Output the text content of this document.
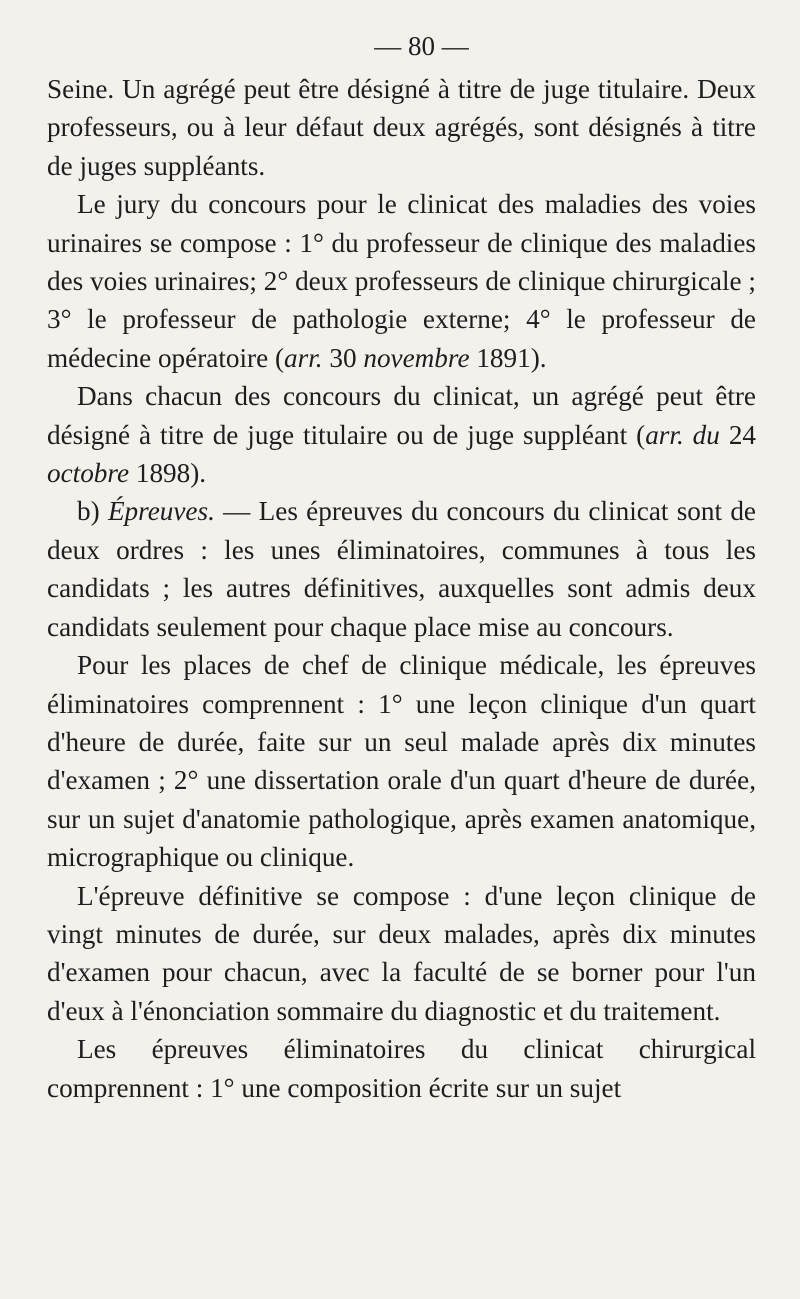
— 80 —

Seine. Un agrégé peut être désigné à titre de juge titulaire. Deux professeurs, ou à leur défaut deux agrégés, sont désignés à titre de juges suppléants.

Le jury du concours pour le clinicat des maladies des voies urinaires se compose : 1° du professeur de clinique des maladies des voies urinaires; 2° deux professeurs de clinique chirurgicale ; 3° le professeur de pathologie externe; 4° le professeur de médecine opératoire (arr. 30 novembre 1891).

Dans chacun des concours du clinicat, un agrégé peut être désigné à titre de juge titulaire ou de juge suppléant (arr. du 24 octobre 1898).

b) Épreuves. — Les épreuves du concours du clinicat sont de deux ordres : les unes éliminatoires, communes à tous les candidats ; les autres définitives, auxquelles sont admis deux candidats seulement pour chaque place mise au concours.

Pour les places de chef de clinique médicale, les épreuves éliminatoires comprennent : 1° une leçon clinique d'un quart d'heure de durée, faite sur un seul malade après dix minutes d'examen ; 2° une dissertation orale d'un quart d'heure de durée, sur un sujet d'anatomie pathologique, après examen anatomique, micrographique ou clinique.

L'épreuve définitive se compose : d'une leçon clinique de vingt minutes de durée, sur deux malades, après dix minutes d'examen pour chacun, avec la faculté de se borner pour l'un d'eux à l'énonciation sommaire du diagnostic et du traitement.

Les épreuves éliminatoires du clinicat chirurgical comprennent : 1° une composition écrite sur un sujet
